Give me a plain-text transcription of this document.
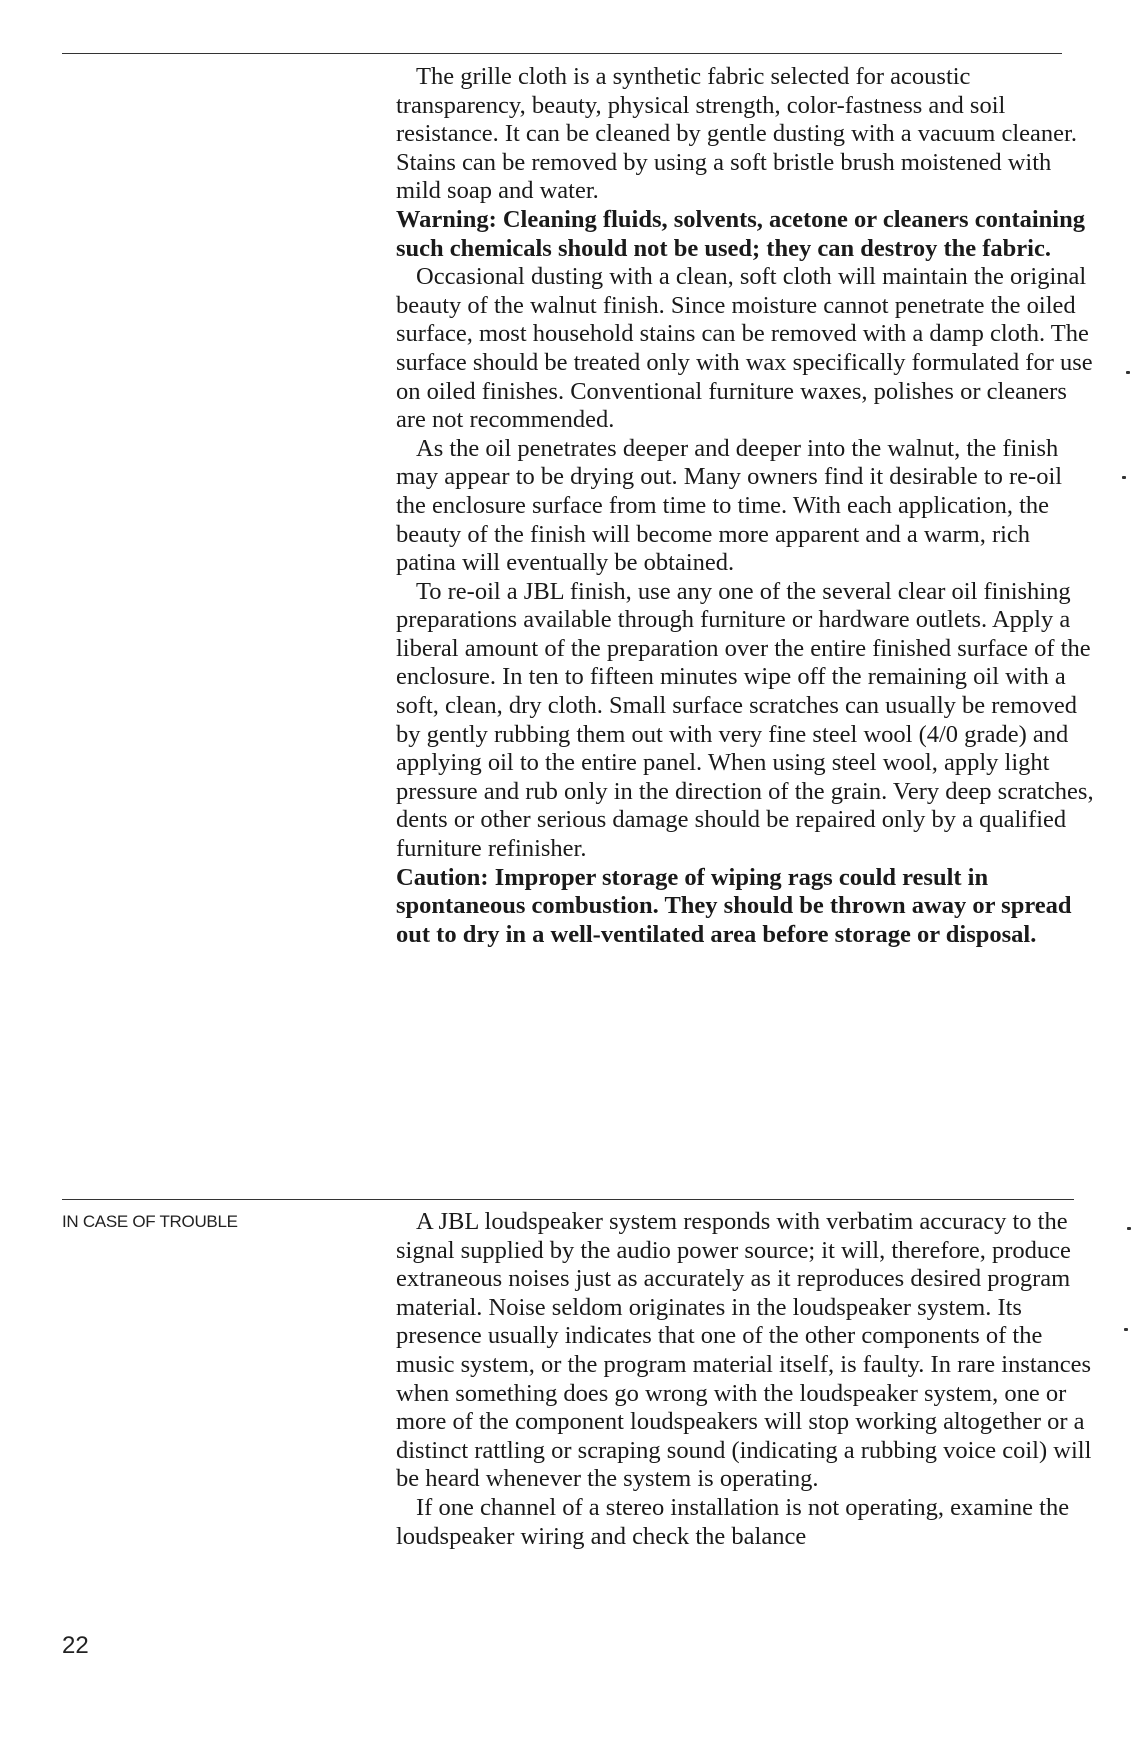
The grille cloth is a synthetic fabric selected for acoustic transparency, beauty, physical strength, color-fastness and soil resistance. It can be cleaned by gentle dusting with a vacuum cleaner. Stains can be removed by using a soft bristle brush moistened with mild soap and water.

Warning: Cleaning fluids, solvents, acetone or cleaners containing such chemicals should not be used; they can destroy the fabric.

Occasional dusting with a clean, soft cloth will maintain the original beauty of the walnut finish. Since moisture cannot penetrate the oiled surface, most household stains can be removed with a damp cloth. The surface should be treated only with wax specifically formulated for use on oiled finishes. Conventional furniture waxes, polishes or cleaners are not recommended.

As the oil penetrates deeper and deeper into the walnut, the finish may appear to be drying out. Many owners find it desirable to re-oil the enclosure surface from time to time. With each application, the beauty of the finish will become more apparent and a warm, rich patina will eventually be obtained.

To re-oil a JBL finish, use any one of the several clear oil finishing preparations available through furniture or hardware outlets. Apply a liberal amount of the preparation over the entire finished surface of the enclosure. In ten to fifteen minutes wipe off the remaining oil with a soft, clean, dry cloth. Small surface scratches can usually be removed by gently rubbing them out with very fine steel wool (4/0 grade) and applying oil to the entire panel. When using steel wool, apply light pressure and rub only in the direction of the grain. Very deep scratches, dents or other serious damage should be repaired only by a qualified furniture refinisher.

Caution: Improper storage of wiping rags could result in spontaneous combustion. They should be thrown away or spread out to dry in a well-ventilated area before storage or disposal.

IN CASE OF TROUBLE	A JBL loudspeaker system responds with verbatim accuracy to the signal supplied by the audio power source; it will, therefore, produce extraneous noises just as accurately as it reproduces desired program material. Noise seldom originates in the loudspeaker system. Its presence usually indicates that one of the other components of the music system, or the program material itself, is faulty. In rare instances when something does go wrong with the loudspeaker system, one or more of the component loudspeakers will stop working altogether or a distinct rattling or scraping sound (indicating a rubbing voice coil) will be heard whenever the system is operating.

If one channel of a stereo installation is not operating, examine the loudspeaker wiring and check the balance

22
